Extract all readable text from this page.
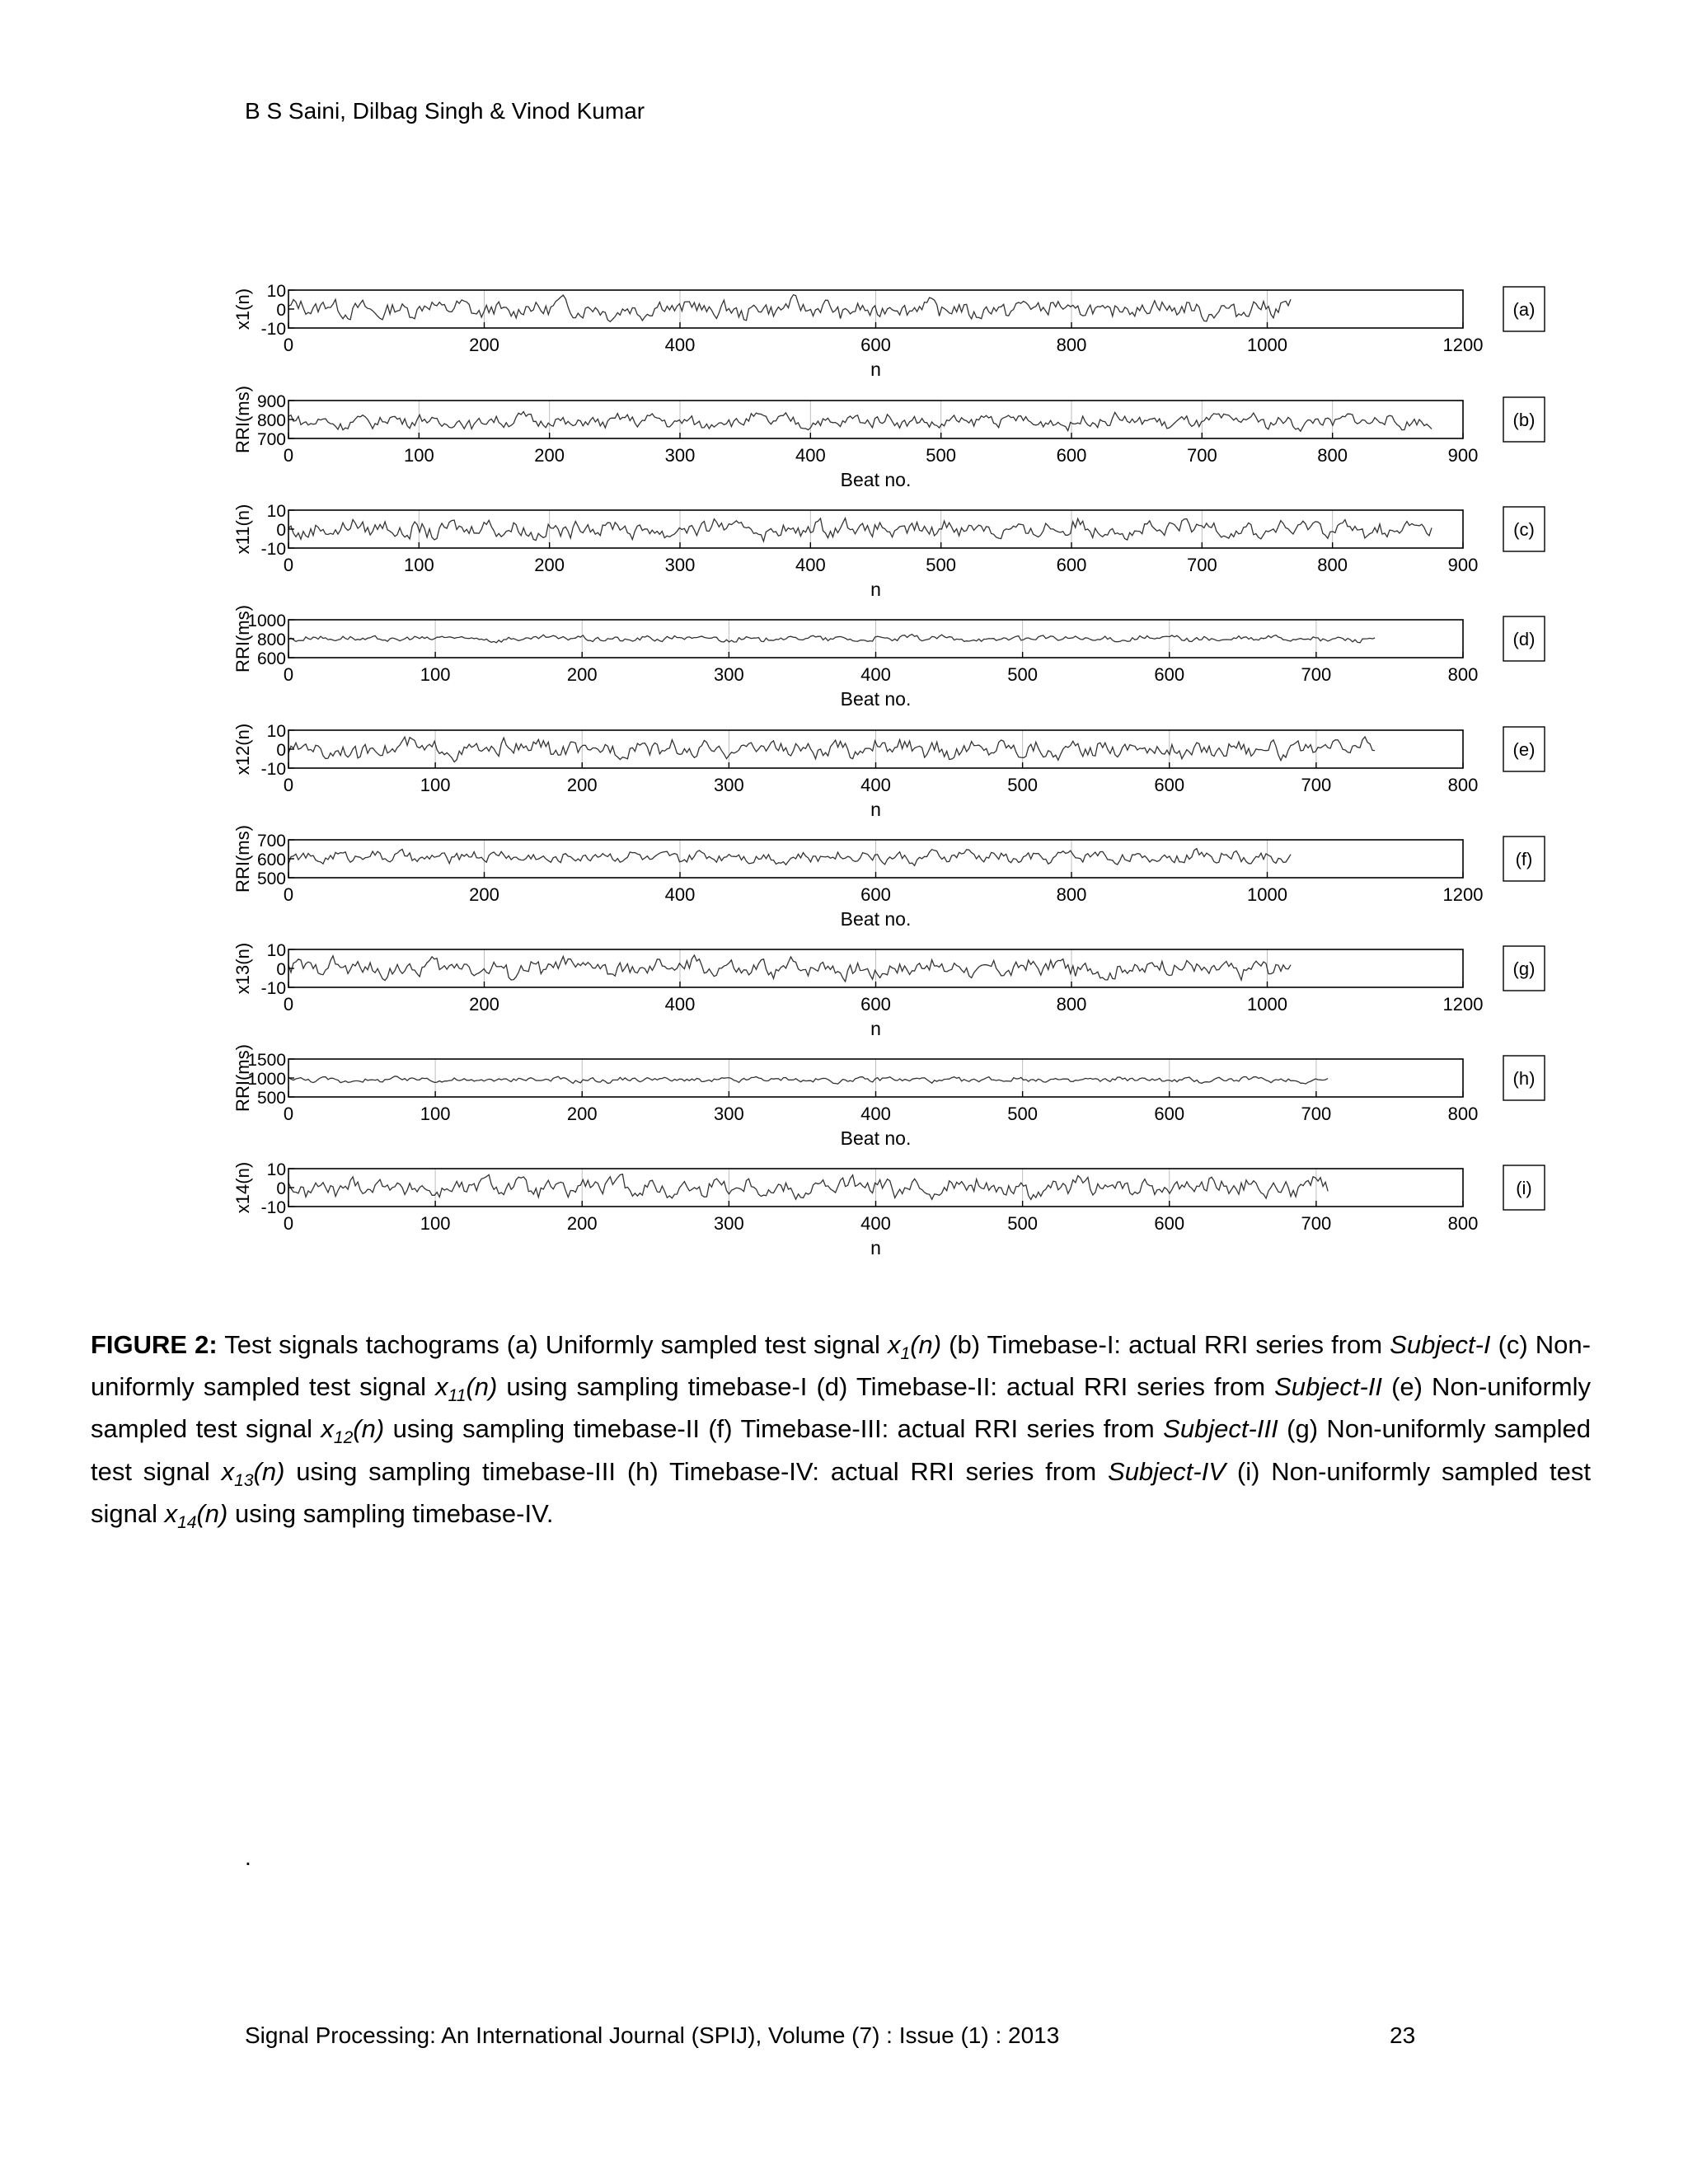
B S Saini, Dilbag Singh & Vinod Kumar
0	200	400	600	800	1000	1200
10
0
-10
x1(n)
n
(a)
0	100	200	300	400	500	600	700	800	900
900
800
700
RRI(ms)
Beat no.
(b)
0	100	200	300	400	500	600	700	800	900
10
0
-10
x11(n)
n
(c)
0	100	200	300	400	500	600	700	800
1000
800
600
RRI(ms)
Beat no.
(d)
0	100	200	300	400	500	600	700	800
10
0
-10
x12(n)
n
(e)
0	200	400	600	800	1000	1200
700
600
500
RRI(ms)
Beat no.
(f)
0	200	400	600	800	1000	1200
10
0
-10
x13(n)
n
(g)
0	100	200	300	400	500	600	700	800
1500
1000
500
RRI(ms)
Beat no.
(h)
0	100	200	300	400	500	600	700	800
10
0
-10
x14(n)
n
(i)
FIGURE 2: Test signals tachograms (a) Uniformly sampled test signal $x_1(n)$ (b) Timebase-I: actual RRI series from Subject-I (c) Non-uniformly sampled test signal $x_{11}(n)$ using sampling timebase-I (d) Timebase-II: actual RRI series from Subject-II (e) Non-uniformly sampled test signal $x_{12}(n)$ using sampling timebase-II (f) Timebase-III: actual RRI series from Subject-III (g) Non-uniformly sampled test signal $x_{13}(n)$ using sampling timebase-III (h) Timebase-IV: actual RRI series from Subject-IV (i) Non-uniformly sampled test signal $x_{14}(n)$ using sampling timebase-IV.
.
Signal Processing: An International Journal (SPIJ), Volume (7) : Issue (1) : 2013	23
